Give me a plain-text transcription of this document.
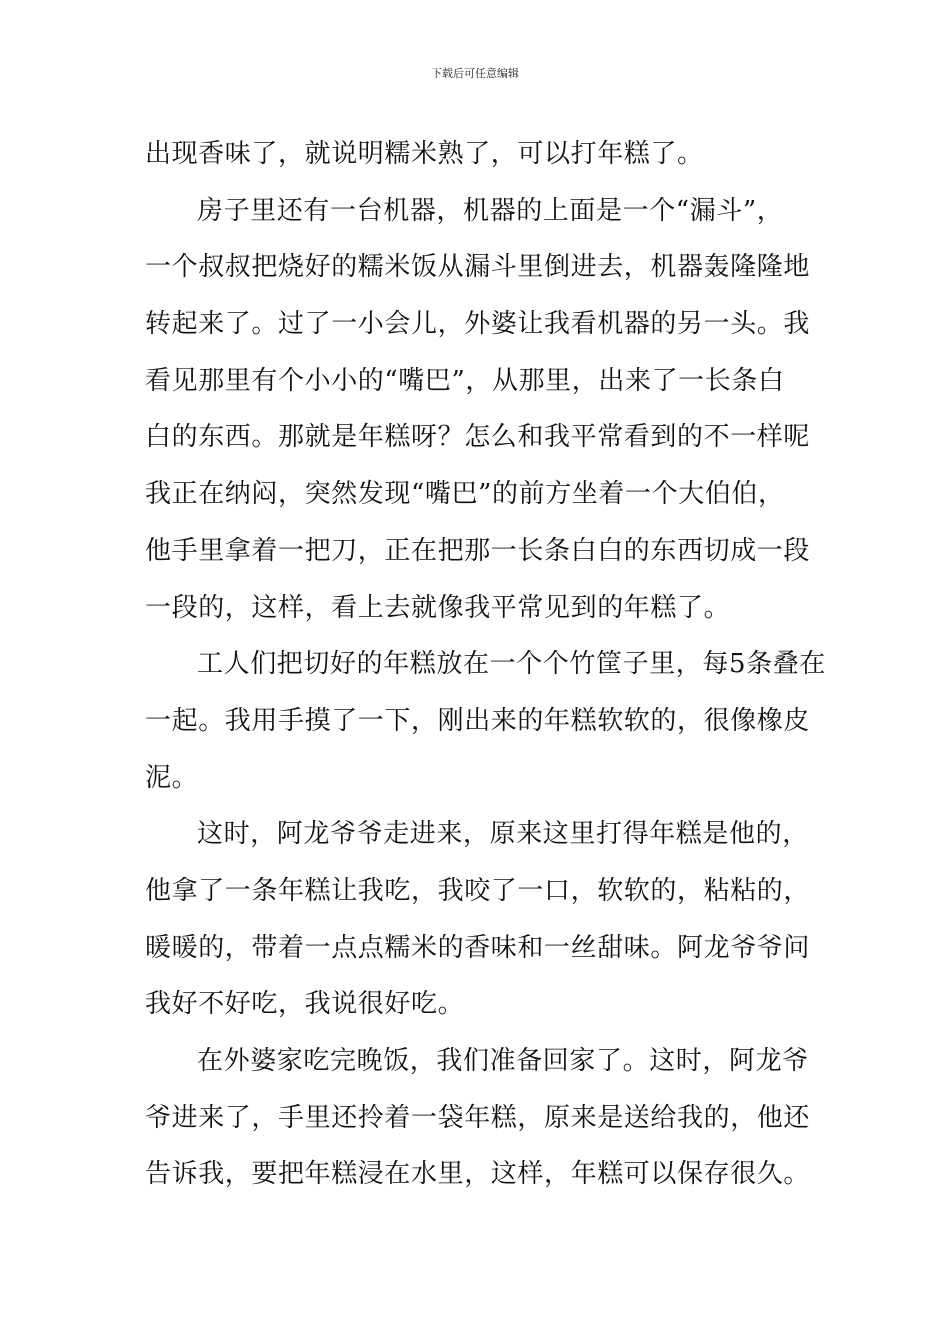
下载后可任意编辑
出现香味了，就说明糯米熟了，可以打年糕了。
房子里还有一台机器，机器的上面是一个“漏斗”，
一个叔叔把烧好的糯米饭从漏斗里倒进去，机器轰隆隆地
转起来了。过了一小会儿，外婆让我看机器的另一头。我
看见那里有个小小的“嘴巴”，从那里，出来了一长条白
白的东西。那就是年糕呀？怎么和我平常看到的不一样呢
我正在纳闷，突然发现“嘴巴”的前方坐着一个大伯伯，
他手里拿着一把刀，正在把那一长条白白的东西切成一段
一段的，这样，看上去就像我平常见到的年糕了。
工人们把切好的年糕放在一个个竹筐子里，每5条叠在
一起。我用手摸了一下，刚出来的年糕软软的，很像橡皮
泥。
这时，阿龙爷爷走进来，原来这里打得年糕是他的，
他拿了一条年糕让我吃，我咬了一口，软软的，粘粘的，
暖暖的，带着一点点糯米的香味和一丝甜味。阿龙爷爷问
我好不好吃，我说很好吃。
在外婆家吃完晚饭，我们准备回家了。这时，阿龙爷
爷进来了，手里还拎着一袋年糕，原来是送给我的，他还
告诉我，要把年糕浸在水里，这样，年糕可以保存很久。
